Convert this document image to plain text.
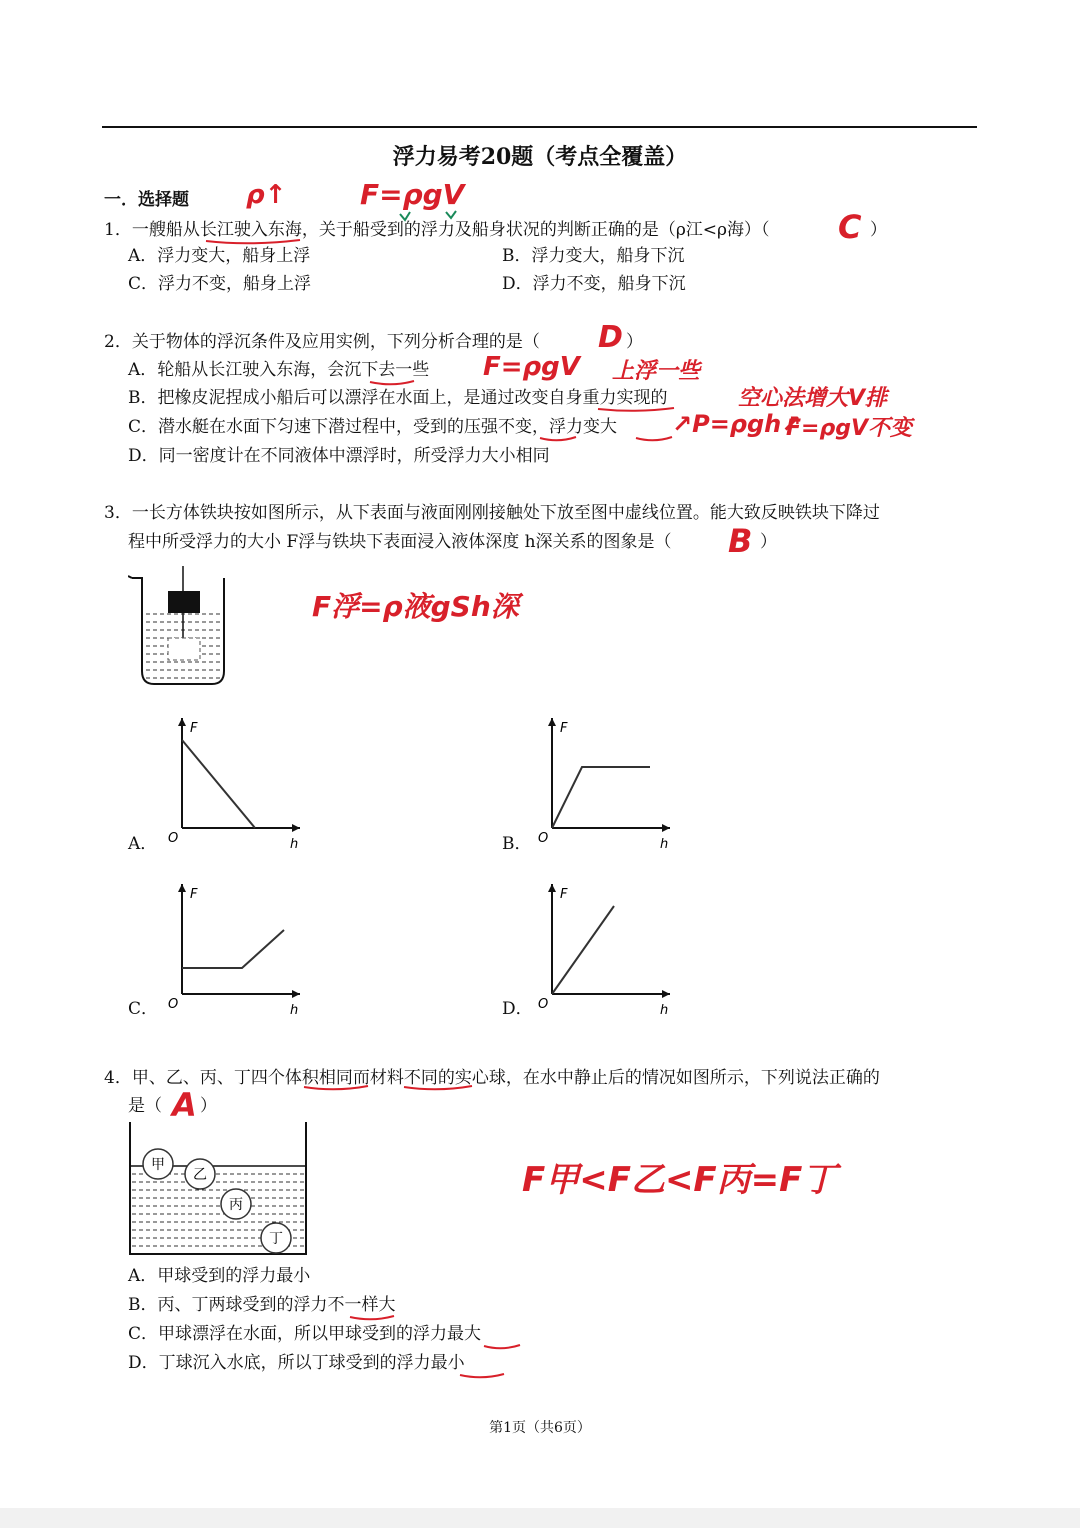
浮力易考20题（考点全覆盖）
一．选择题
1．一艘船从长江驶入东海，关于船受到的浮力及船身状况的判断正确的是（ρ江<ρ海）（	）
A．浮力变大，船身上浮	B．浮力变大，船身下沉
C．浮力不变，船身上浮	D．浮力不变，船身下沉
ρ↑	F=ρgV
C
2．关于物体的浮沉条件及应用实例，下列分析合理的是（	）
A．轮船从长江驶入东海，会沉下去一些
B．把橡皮泥捏成小船后可以漂浮在水面上，是通过改变自身重力实现的
C．潜水艇在水面下匀速下潜过程中，受到的压强不变，浮力变大
D．同一密度计在不同液体中漂浮时，所受浮力大小相同
D
F=ρgV 上浮一些
空心法增大V排
↗P=ρgh↗
F=ρgV不变
3．一长方体铁块按如图所示，从下表面与液面刚刚接触处下放至图中虚线位置。能大致反映铁块下降过
程中所受浮力的大小 F浮与铁块下表面浸入液体深度 h深关系的图象是（	）
B
F浮=ρ液gSh深
A．
F
O	h	B．
F
O	h
C．
F
O	h	D．
F
O	h
4．甲、乙、丙、丁四个体积相同而材料不同的实心球，在水中静止后的情况如图所示，下列说法正确的
是（ ）
A
F甲<F乙<F丙=F丁
甲
乙
丙
丁
A．甲球受到的浮力最小
B．丙、丁两球受到的浮力不一样大
C．甲球漂浮在水面，所以甲球受到的浮力最大
D．丁球沉入水底，所以丁球受到的浮力最小
第1页（共6页）
